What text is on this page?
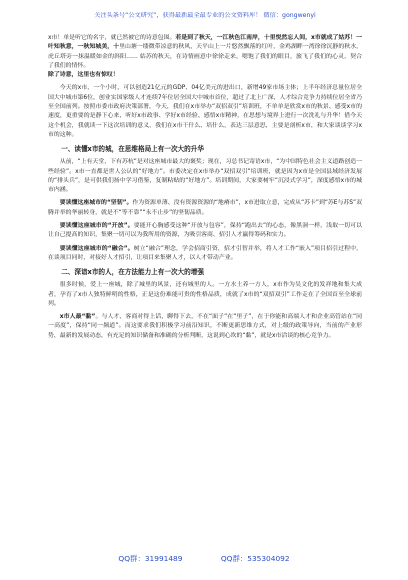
关注头条号“公文研究”，获得最新最全最专业的公文资料库！ 微信：gongwenyi

x市！单是听它的名字，就已然被它的诗意包围。若是到了秋天，一江秋色江南岸，十里悦然忘人间，x市就成了姑苏！一叶知秋意，一秋知城美，十里山塘一缕微带凉意的秋风，天平山上一片悠然飘落的红叶，金鸡湖畔一湾徐徐沉静的秋水，虎丘塔旁一抹温暖如金的斜阳…… 姑苏的秋天，在诗情画意中徐徐走来，嗯饱了我们的眼目，旅飞了我们的心灵，契合了我们的情怀。
除了诗意，这里也有惊叹！

今天的x市，一个小时，可以创造21亿元的GDP、04亿美元的进出口，新增49家市场主体；上半年经济总量位居全国大中城市第6位，创业实国家级人才连续7年位居全国大中城市首位，超过了北上广深，人才综合竞争力持续位居全省乃至全国前列。按照市委市政府决策部署，今天，我们在x市举办“双招双引”培训班，不单单是欣赏x市的秋景、感受x市的速度，更重要的是静下心来，听好x市政事、学好x市经验、感悟x市精神，在思想与境界上进行一次洗礼与升华！借今天这个机会，我就读一下这次培训的意义，我们在x市干什么、培什么，表达三层意思，主要是剖析x市，和大家谈谈学习x市的这种。

一、读懂x市的城，在思维格局上有一次大的升华

从前，“上有天堂，下有苏杭”是对这座城市最大的褒奖；现在，习总书记寄语x市，“为中国特色社会主义道路创造一些经验”。x市一直都是世人公认的“好地方”。市委决定在x市举办“双招双引”培训班，就是因为x市是全国县域经济发展的“排头兵”，是可供我们扬中学习借鉴，复制粘贴的“好地方”。培训期间，大家要树牢“沉浸式学习”，深度感悟x市的城市内涵。

要读懂这座城市的“坚韧”。作为资源单薄、没有资源资源的“地瘠市”，x市进取立意，完成从“苏卡”到“苏E与苏S”双腾并举的华丽转身，就是不“等不靠”“永不止步”的坚韧品质。

要读懂这座城市的“开放”。要能开心胸感受这种“开放与包容”，保持“跑出去”的心态，像黑洞一样，浅取一切可以让自己提高的知识，集聚一切可以为我所用的资源，为吸引客商、招引人才赢得筹码和实力。

要读懂这座城市的“融合”。树立“融合”理念，学会招商引资，招才引智并举，将人才工作“嵌入”项目招引过程中，在谈项目同时，对接好人才招引，让项目来集聚人才，以人才带动产业。

二、深谙x市的人，在方法能力上有一次大的增强

很多时候，爱上一座城，除了城里的风景，还有城里的人。一方水土养一方人，x市作为吴文化的发祥地和集大成者，孕育了x市人独特鲜明的性格，正是这份难能可贵的性格品质，成就了x市的“双招双引”工作走在了全国首至全球前列。

x市人最“黏”。与人才、客商对得上话，聊得下去，不在“面子”在“里子”，在于你能和高端人才和企业高管站在“同一高度”，保持“同一频道”。而这要求我们积极学习前沿知识，不断更新思维方式，对上级的政策导向，当前的产业形势，最新的发展动态，有充足的知识储备和准确的分析判断，这说到心坎的“黏”，就是x市洽谈的核心竞争力。

QQ群：31991489	QQ群：535304092
